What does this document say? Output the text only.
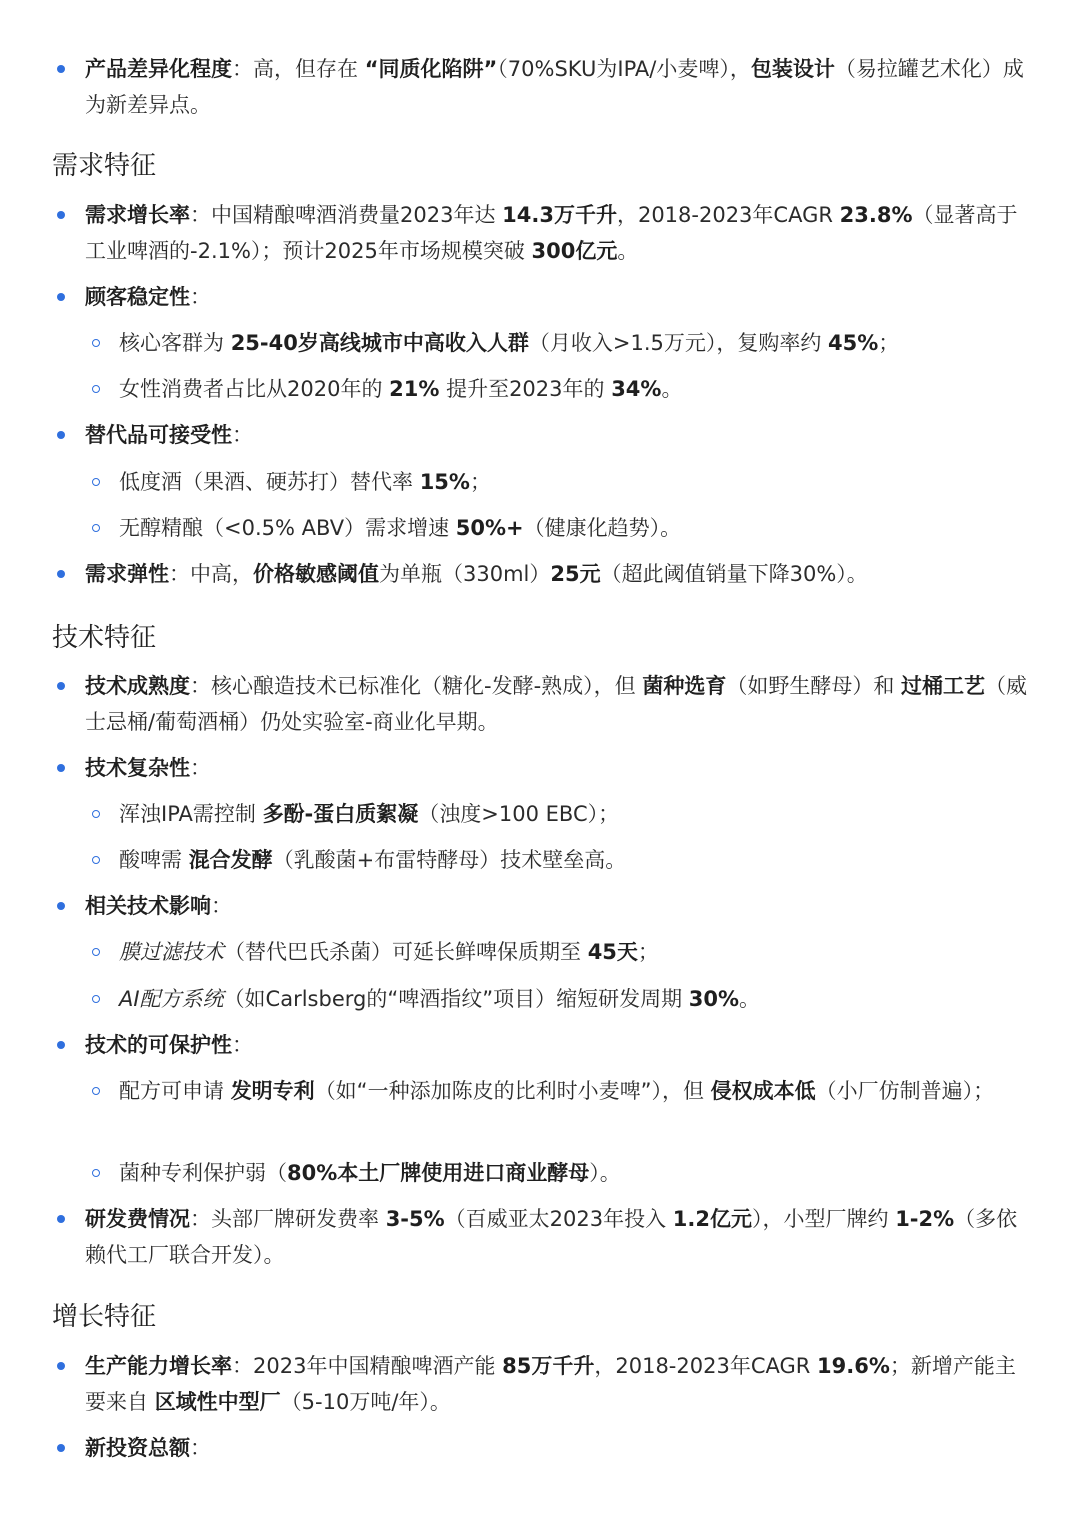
产品差异化程度：高，但存在 “同质化陷阱”（70%SKU为IPA/小麦啤），包装设计（易拉罐艺术化）成为新差异点。
需求特征
需求增长率：中国精酿啤酒消费量2023年达 14.3万千升，2018-2023年CAGR 23.8%（显著高于工业啤酒的-2.1%）；预计2025年市场规模突破 300亿元。
顾客稳定性：
核心客群为 25-40岁高线城市中高收入人群（月收入>1.5万元），复购率约 45%；
女性消费者占比从2020年的 21% 提升至2023年的 34%。
替代品可接受性：
低度酒（果酒、硬苏打）替代率 15%；
无醇精酿（<0.5% ABV）需求增速 50%+（健康化趋势）。
需求弹性：中高，价格敏感阈值为单瓶（330ml）25元（超此阈值销量下降30%）。
技术特征
技术成熟度：核心酿造技术已标准化（糖化-发酵-熟成），但 菌种选育（如野生酵母）和 过桶工艺（威士忌桶/葡萄酒桶）仍处实验室-商业化早期。
技术复杂性：
浑浊IPA需控制 多酚-蛋白质絮凝（浊度>100 EBC）；
酸啤需 混合发酵（乳酸菌+布雷特酵母）技术壁垒高。
相关技术影响：
膜过滤技术（替代巴氏杀菌）可延长鲜啤保质期至 45天；
AI配方系统（如Carlsberg的“啤酒指纹”项目）缩短研发周期 30%。
技术的可保护性：
配方可申请 发明专利（如“一种添加陈皮的比利时小麦啤”），但 侵权成本低（小厂仿制普遍）；
菌种专利保护弱（80%本土厂牌使用进口商业酵母）。
研发费情况：头部厂牌研发费率 3-5%（百威亚太2023年投入 1.2亿元），小型厂牌约 1-2%（多依赖代工厂联合开发）。
增长特征
生产能力增长率：2023年中国精酿啤酒产能 85万千升，2018-2023年CAGR 19.6%；新增产能主要来自 区域性中型厂（5-10万吨/年）。
新投资总额：
